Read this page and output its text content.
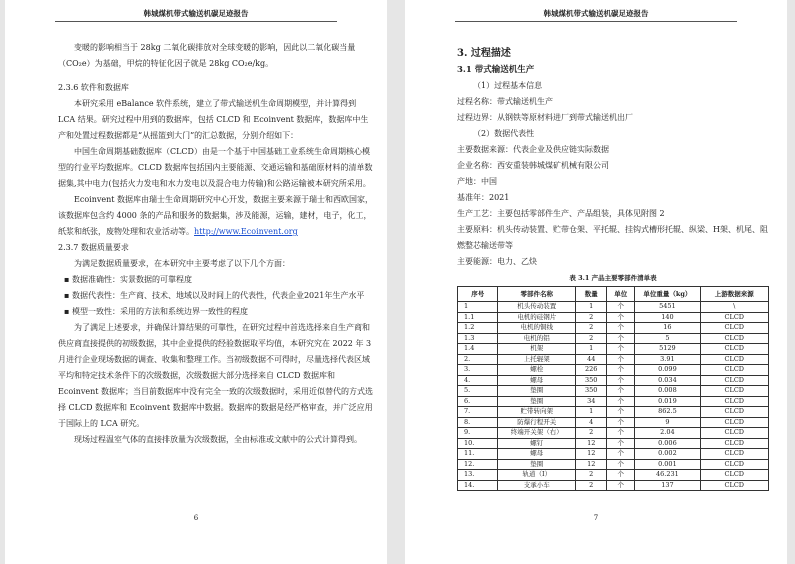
韩城煤机带式输送机碳足迹报告

变暖的影响相当于 28kg 二氧化碳排放对全球变暖的影响，因此以二氧化碳当量（CO₂e）为基础，甲烷的特征化因子就是 28kg CO₂e/kg。

2.3.6 软件和数据库

本研究采用 eBalance 软件系统，建立了带式输送机生命周期模型，并计算得到 LCA 结果。研究过程中用到的数据库，包括 CLCD 和 Ecoinvent 数据库，数据库中生产和处置过程数据都是“从摇篮到大门”的汇总数据，分别介绍如下：

中国生命周期基础数据库（CLCD）由是一个基于中国基础工业系统生命周期核心模型的行业平均数据库。CLCD 数据库包括国内主要能源、交通运输和基础原材料的清单数据集,其中电力(包括火力发电和水力发电以及混合电力传输)和公路运输被本研究所采用。

Ecoinvent 数据库由瑞士生命周期研究中心开发，数据主要来源于瑞士和西欧国家，该数据库包含约 4000 条的产品和服务的数据集，涉及能源，运输，建材，电子，化工，纸浆和纸张，废物处理和农业活动等。http://www.Ecoinvent.org

2.3.7 数据质量要求

为满足数据质量要求，在本研究中主要考虑了以下几个方面：

▪ 数据准确性：实景数据的可靠程度

▪ 数据代表性：生产商、技术、地域以及时间上的代表性，代表企业2021年生产水平

▪ 模型一致性：采用的方法和系统边界一致性的程度

为了满足上述要求，并确保计算结果的可靠性，在研究过程中首选选择来自生产商和供应商直接提供的初级数据，其中企业提供的经验数据取平均值，本研究究在 2022 年 3 月进行企业现场数据的调查、收集和整理工作。当初级数据不可得时，尽量选择代表区域平均和特定技术条件下的次级数据，次级数据大部分选择来自 CLCD 数据库和 Ecoinvent 数据库；当目前数据库中没有完全一致的次级数据时，采用近似替代的方式选择 CLCD 数据库和 Ecoinvent 数据库中数据。数据库的数据是经严格审查，并广泛应用于国际上的 LCA 研究。

现场过程温室气体的直接排放量为次级数据，全由标准或文献中的公式计算得到。

6
韩城煤机带式输送机碳足迹报告

3. 过程描述

3.1 带式输送机生产

（1）过程基本信息

过程名称：带式输送机生产

过程边界：从钢铁等原材料进厂到带式输送机出厂

（2）数据代表性

主要数据来源：代表企业及供应链实际数据

企业名称：西安重装韩城煤矿机械有限公司

产地：中国

基准年：2021

生产工艺：主要包括零部件生产、产品组装，具体见附图 2

主要原料：机头传动装置、贮带仓架、平托辊、挂钩式槽形托辊、纵梁、H架、机尾、阻燃整芯输送带等

主要能源：电力、乙炔

表 3.1 产品主要零部件清单表

序号	零部件名称	数量	单位	单位重量（kg）	上游数据来源
1	机头传动装置	1	个	5451	\
1.1	电机的硅钢片	2	个	140	CLCD
1.2	电机的铜线	2	个	16	CLCD
1.3	电机的铝	2	个	5	CLCD
1.4	机架	1	个	5129	CLCD
2.	上托辊架	44	个	3.91	CLCD
3.	螺栓	226	个	0.099	CLCD
4.	螺母	350	个	0.034	CLCD
5.	垫圈	350	个	0.008	CLCD
6.	垫圈	34	个	0.019	CLCD
7.	贮带转向架	1	个	862.5	CLCD
8.	防爆行程开关	4	个	9	CLCD
9.	终端开关架（右）	2	个	2.04	CLCD
10.	螺钉	12	个	0.006	CLCD
11.	螺母	12	个	0.002	CLCD
12.	垫圈	12	个	0.001	CLCD
13.	轨道（I）	2	个	46.231	CLCD
14.	支承小车	2	个	137	CLCD
7
